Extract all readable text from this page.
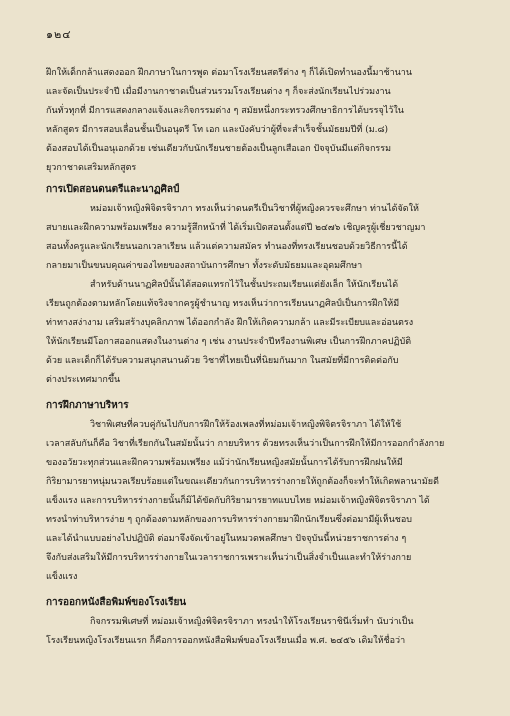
๑๒๔

ฝึกให้เด็กกล้าแสดงออก ฝึกภาษาในการพูด ต่อมาโรงเรียนสตรีต่าง ๆ ก็ได้เปิดทำนองนี้มาช้านาน

และจัดเป็นประจำปี เมื่อมีงานกาชาดเป็นส่วนรวมโรงเรียนต่าง ๆ ก็จะส่งนักเรียนไปร่วมงาน

กันทั่วทุกที่ มีการแสดงกลางแจ้งและกิจกรรมต่าง ๆ สมัยหนึ่งกระทรวงศึกษาธิการได้บรรจุไว้ใน

หลักสูตร มีการสอบเลื่อนชั้นเป็นอนุตรี โท เอก และบังคับว่าผู้ที่จะสำเร็จชั้นมัธยมปีที่ (ม.๘)

ต้องสอบได้เป็นอนุเอกด้วย เช่นเดียวกับนักเรียนชายต้องเป็นลูกเสือเอก ปัจจุบันมีแต่กิจกรรม

ยุวกาชาดเสริมหลักสูตร

การเปิดสอนดนตรีและนาฏศิลป์

หม่อมเจ้าหญิงพิจิตรจิราภา ทรงเห็นว่าดนตรีเป็นวิชาที่ผู้หญิงควรจะศึกษา ท่านได้จัดให้

สบายและฝึกความพร้อมเพรียง ความรู้สึกหน้าที่ ได้เริ่มเปิดสอนตั้งแต่ปี ๒๔๗๖ เชิญครูผู้เชี่ยวชาญมา

สอนทั้งครูและนักเรียนนอกเวลาเรียน แล้วแต่ความสมัคร ทำนองที่ทรงเรียนชอบด้วยวิธีการนี้ได้

กลายมาเป็นขนบคุณค่าของไทยของสถาบันการศึกษา ทั้งระดับมัธยมและอุดมศึกษา

สำหรับด้านนาฏศิลป์นั้นได้สอดแทรกไว้ในชั้นประถมเรียนแต่ยังเล็ก ให้นักเรียนได้

เรียนถูกต้องตามหลักโดยแท้จริงจากครูผู้ชำนาญ ทรงเห็นว่าการเรียนนาฏศิลป์เป็นการฝึกให้มี

ท่าทางสง่างาม เสริมสร้างบุคลิกภาพ ได้ออกกำลัง ฝึกให้เกิดความกล้า และมีระเบียบและอ่อนตรง

ให้นักเรียนมีโอกาสออกแสดงในงานต่าง ๆ เช่น งานประจำปีหรืองานพิเศษ เป็นการฝึกภาคปฏิบัติ

ด้วย และเด็กก็ได้รับความสนุกสนานด้วย วิชาที่ไทยเป็นที่นิยมกันมาก ในสมัยที่มีการติดต่อกับ

ต่างประเทศมากขึ้น

การฝึกภาษาบริหาร

วิชาพิเศษที่ควบคู่กันไปกับการฝึกให้ร้องเพลงที่หม่อมเจ้าหญิงพิจิตรจิราภา ได้ให้ใช้

เวลาสลับกันก็คือ วิชาที่เรียกกันในสมัยนั้นว่า กายบริหาร ด้วยทรงเห็นว่าเป็นการฝึกให้มีการออกกำลังกาย

ของอวัยวะทุกส่วนและฝึกความพร้อมเพรียง แม้ว่านักเรียนหญิงสมัยนั้นการได้รับการฝึกฝนให้มี

กิริยามารยาทนุ่มนวลเรียบร้อยแต่ในขณะเดียวกันการบริหารร่างกายให้ถูกต้องก็จะทำให้เกิดพลานามัยดี

แข็งแรง และการบริหารร่างกายนั้นก็มิได้ขัดกับกิริยามารยาทแบบไทย หม่อมเจ้าหญิงพิจิตรจิราภา ได้

ทรงนำท่าบริหารง่าย ๆ ถูกต้องตามหลักของการบริหารร่างกายมาฝึกนักเรียนซึ่งต่อมามีผู้เห็นชอบ

และได้นำแบบอย่างไปปฏิบัติ ต่อมาจึงจัดเข้าอยู่ในหมวดพลศึกษา ปัจจุบันนี้หน่วยราชการต่าง ๆ

จึงกับส่งเสริมให้มีการบริหารร่างกายในเวลาราชการเพราะเห็นว่าเป็นสิ่งจำเป็นและทำให้ร่างกาย

แข็งแรง

การออกหนังสือพิมพ์ของโรงเรียน

กิจกรรมพิเศษที่ หม่อมเจ้าหญิงพิจิตรจิราภา ทรงนำให้โรงเรียนราชินีเริ่มทำ นับว่าเป็น

โรงเรียนหญิงโรงเรียนแรก ก็คือการออกหนังสือพิมพ์ของโรงเรียนเมื่อ พ.ศ. ๒๔๕๖ เดิมให้ชื่อว่า
